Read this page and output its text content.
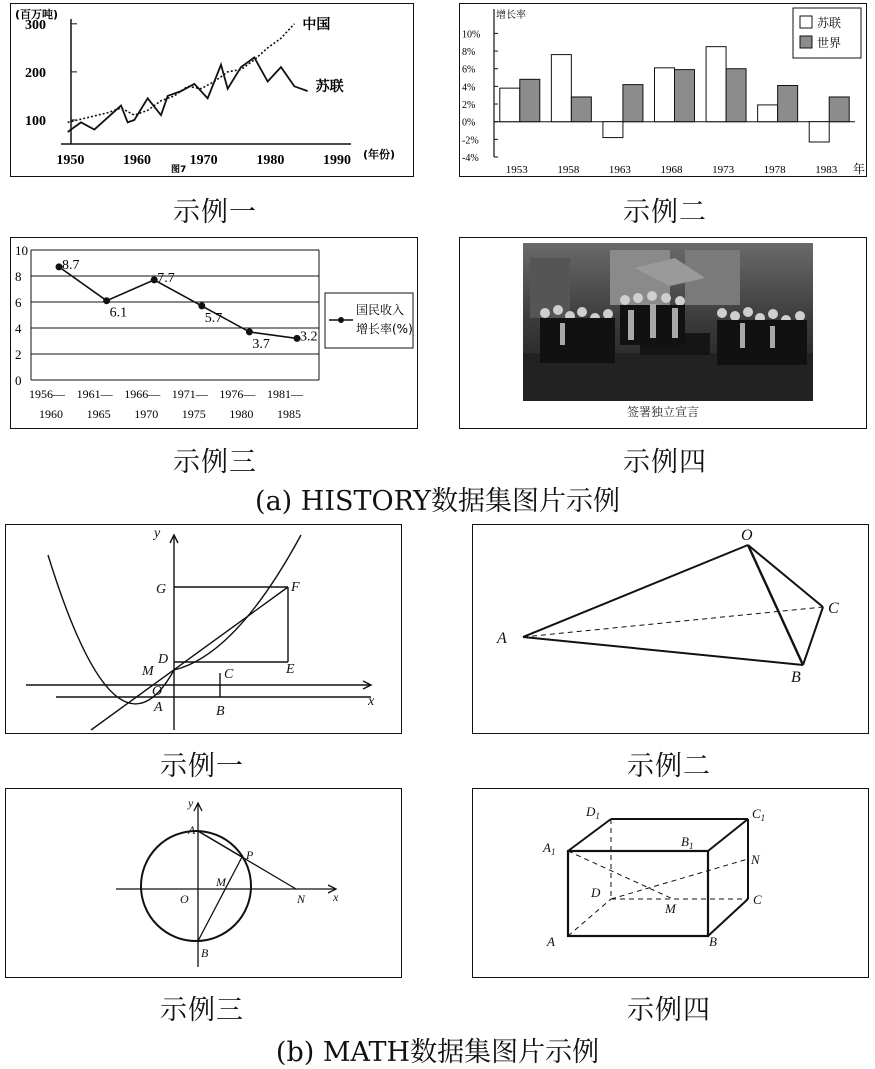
(百万吨)
100
200
300
1950	1960	1970	1980	1990 (年份)
图7
中国
苏联
示例一
增长率
10%
8%
6%
4%
2%
0%
-2%
-4%
1953	1958	1963	1968	1973	1978	1983 年
苏联
世界
示例二
0
2
4
6
8
10
8.7
1956—
1960
6.1
1961—
1965
7.7
1966—
1970
5.7
1971—
1975
3.7
1976—
1980
3.2
1981—
1985
国民收入
增长率(%)
示例三
签署独立宣言
示例四
(a) HISTORY数据集图片示例
y
x
G	F
D
M	E
C
O
A	B
示例一
O
A
B
C
示例二
y
A
P
M
O	N x
B
示例三
$D_1$	$C_1$
$A_1$
$B_1$
N
D
M
C
A	B
示例四
(b) MATH数据集图片示例
